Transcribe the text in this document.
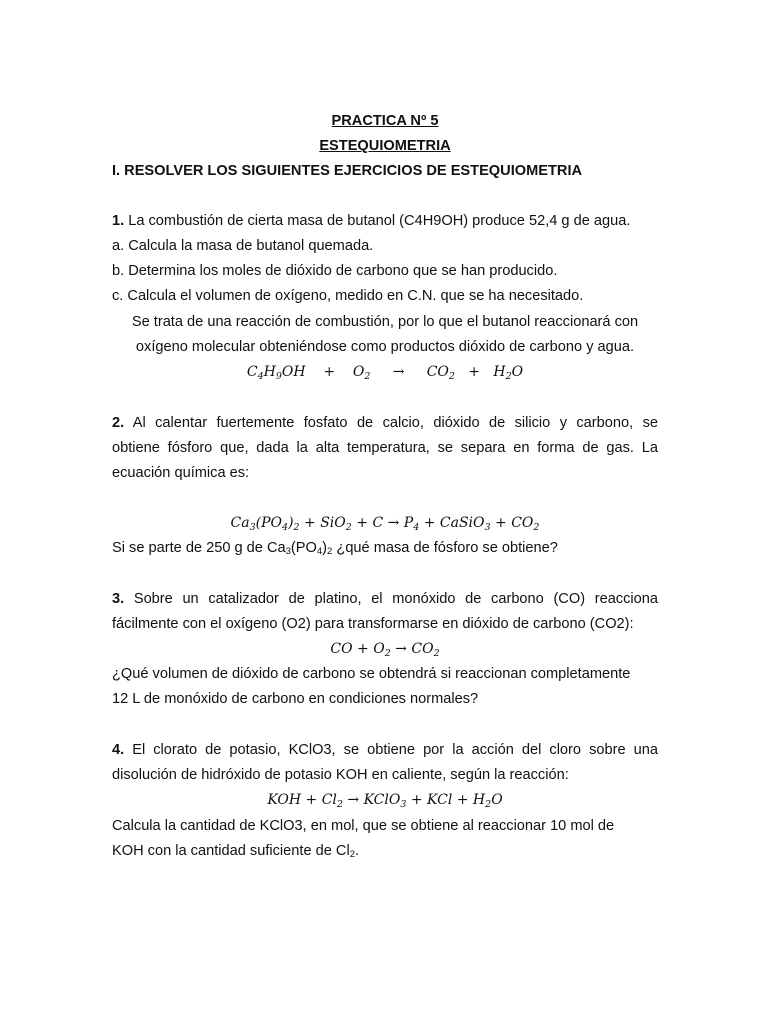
PRACTICA Nº 5
ESTEQUIOMETRIA
I. RESOLVER LOS SIGUIENTES EJERCICIOS DE ESTEQUIOMETRIA
1. La combustión de cierta masa de butanol (C4H9OH) produce 52,4 g de agua.
a. Calcula la masa de butanol quemada.
b. Determina los moles de dióxido de carbono que se han producido.
c. Calcula el volumen de oxígeno, medido en C.N. que se ha necesitado.
Se trata de una reacción de combustión, por lo que el butanol reaccionará con
oxígeno molecular obteniéndose como productos dióxido de carbono y agua.
$C_4H_9OH$    +    $O_2$     →     $CO_2 + H_2O$
2. Al calentar fuertemente fosfato de calcio, dióxido de silicio y carbono, se
obtiene fósforo que, dada la alta temperatura, se separa en forma de gas. La
ecuación química es:
$Ca_3(PO_4)_2 + SiO_2 + C \to P_4$ + CaSiO$_3$ + $CO_2$
Si se parte de 250 g de $Ca_3(PO_4)_2$ ¿qué masa de fósforo se obtiene?
3. Sobre un catalizador de platino, el monóxido de carbono (CO) reacciona
fácilmente con el oxígeno (O2) para transformarse en dióxido de carbono (CO2):
CO + $O_2 \to CO_2$
¿Qué volumen de dióxido de carbono se obtendrá si reaccionan completamente
12 L de monóxido de carbono en condiciones normales?
4. El clorato de potasio, KClO3, se obtiene por la acción del cloro sobre una
disolución de hidróxido de potasio KOH en caliente, según la reacción:
KOH + $Cl_2$ → KClO$_3$ + KCl + $H_2O$
Calcula la cantidad de KClO3, en mol, que se obtiene al reaccionar 10 mol de
KOH con la cantidad suficiente de $Cl_2$.
